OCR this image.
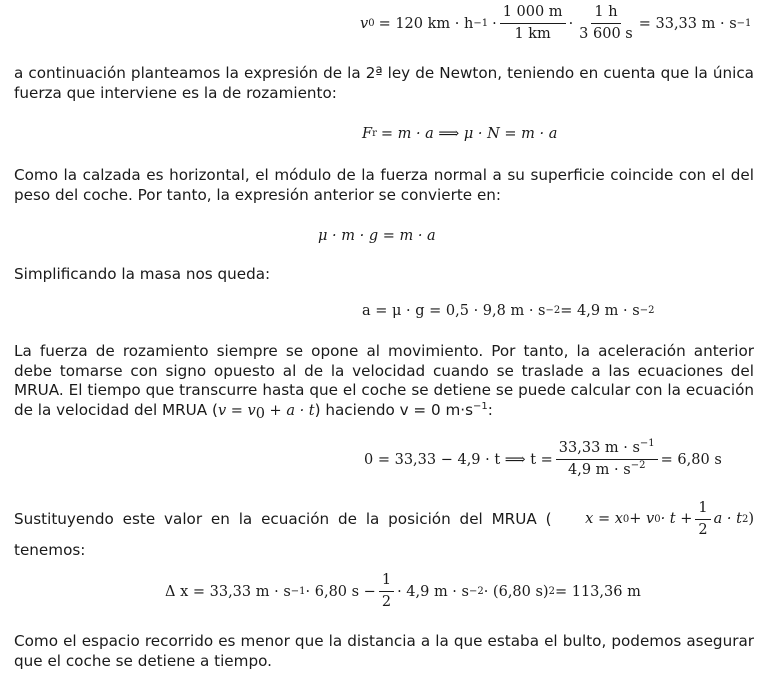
v 0 = 120 km · $h -1 \cdot \frac{1 000 m}{1 km} \cdot \frac{1 h}{3 600 s} = 33,33$ m · s −1

a continuación planteamos la expresión de la 2ª ley de Newton, teniendo en cuenta que la única fuerza que interviene es la de rozamiento:

F r = m · a ⟹ μ · N = m · a

Como la calzada es horizontal, el módulo de la fuerza normal a su superficie coincide con el del peso del coche. Por tanto, la expresión anterior se convierte en:

μ · m · g = m · a

Simplificando la masa nos queda:

a = μ · g = 0,5 · 9,8 m · s −2 = 4,9 m · s −2

La fuerza de rozamiento siempre se opone al movimiento. Por tanto, la aceleración anterior debe tomarse con signo opuesto al de la velocidad cuando se traslade a las ecuaciones del MRUA. El tiempo que transcurre hasta que el coche se detiene se puede calcular con la ecuación de la velocidad del MRUA $(v = v_0 + a \cdot t)$ haciendo v = 0 $m\cdot s^{-1}$:

0 = 33,33 − 4,9 · t ⟹ $t = \frac{33,33 m \cdot s^{-1}}{4,9 m \cdot s^{-2}} = 6,80$ s
Sustituyendo este valor en la ecuación de la posición del MRUA ( x = x 0 + v $0 \cdot t + \frac{1}{2}$ a · t 2 )
tenemos:
Δ x = 33,33 m · s −1 · 6,80 $s - \frac{1}{2} \cdot 4,9$ m · s −2 · (6,80 s) 2 = 113,36 m

Como el espacio recorrido es menor que la distancia a la que estaba el bulto, podemos asegurar que el coche se detiene a tiempo.
